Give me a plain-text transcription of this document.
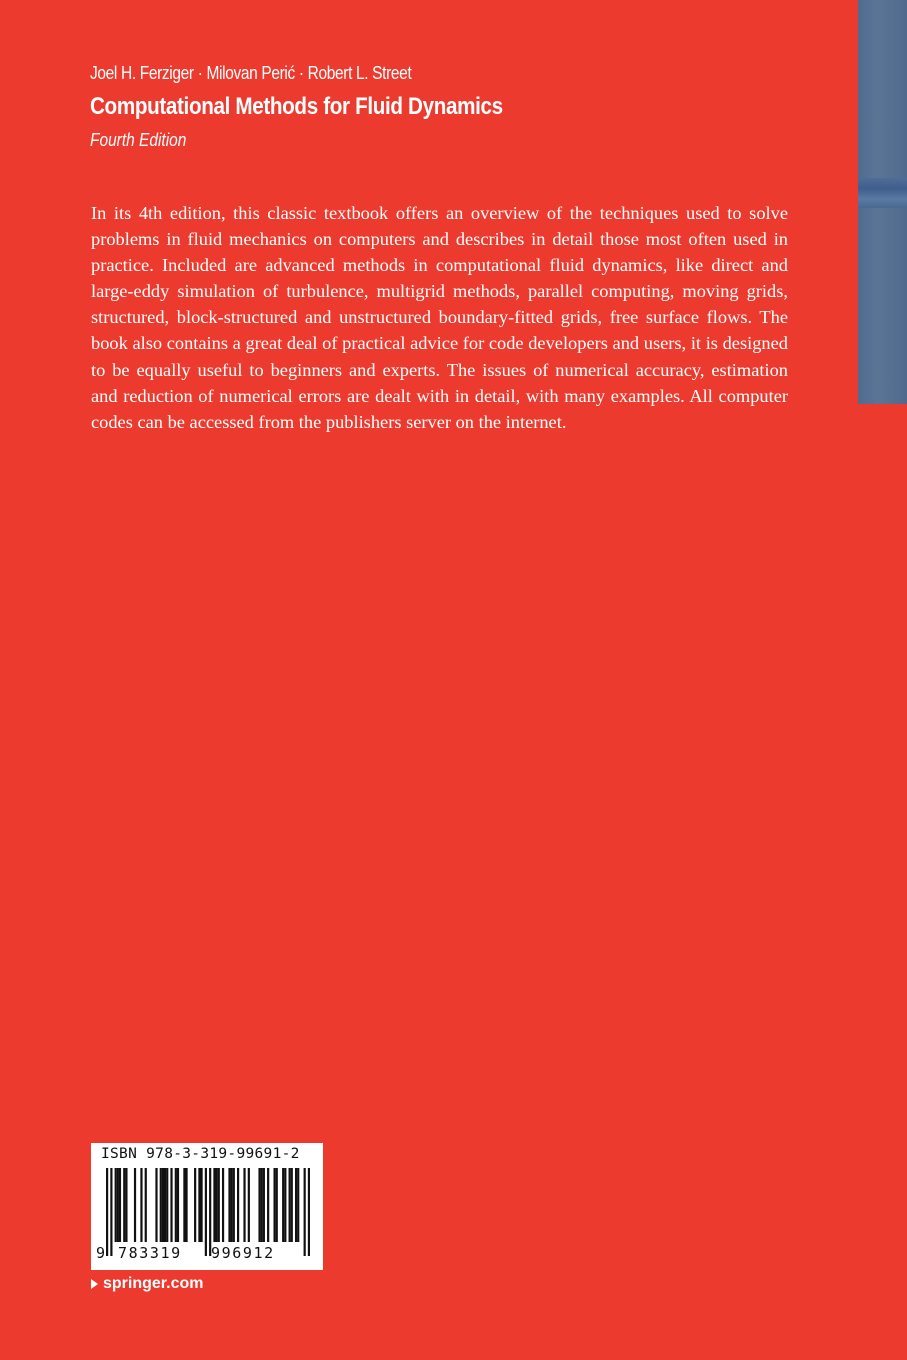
Joel H. Ferziger · Milovan Perić · Robert L. Street
Computational Methods for Fluid Dynamics
Fourth Edition

In its 4th edition, this classic textbook offers an overview of the techniques used to solve problems in fluid mechanics on computers and describes in detail those most often used in practice. Included are advanced methods in computational fluid dynamics, like direct and large-eddy simulation of turbulence, multigrid methods, parallel computing, moving grids, structured, block-structured and unstructured boundary-fitted grids, free surface flows. The book also contains a great deal of practical advice for code developers and users, it is designed to be equally useful to beginners and experts. The issues of numerical accuracy, estimation and reduction of numerical errors are dealt with in detail, with many examples. All computer codes can be accessed from the publishers server on the internet.

ISBN 978-3-319-99691-2
9 783319 996912
springer.com
